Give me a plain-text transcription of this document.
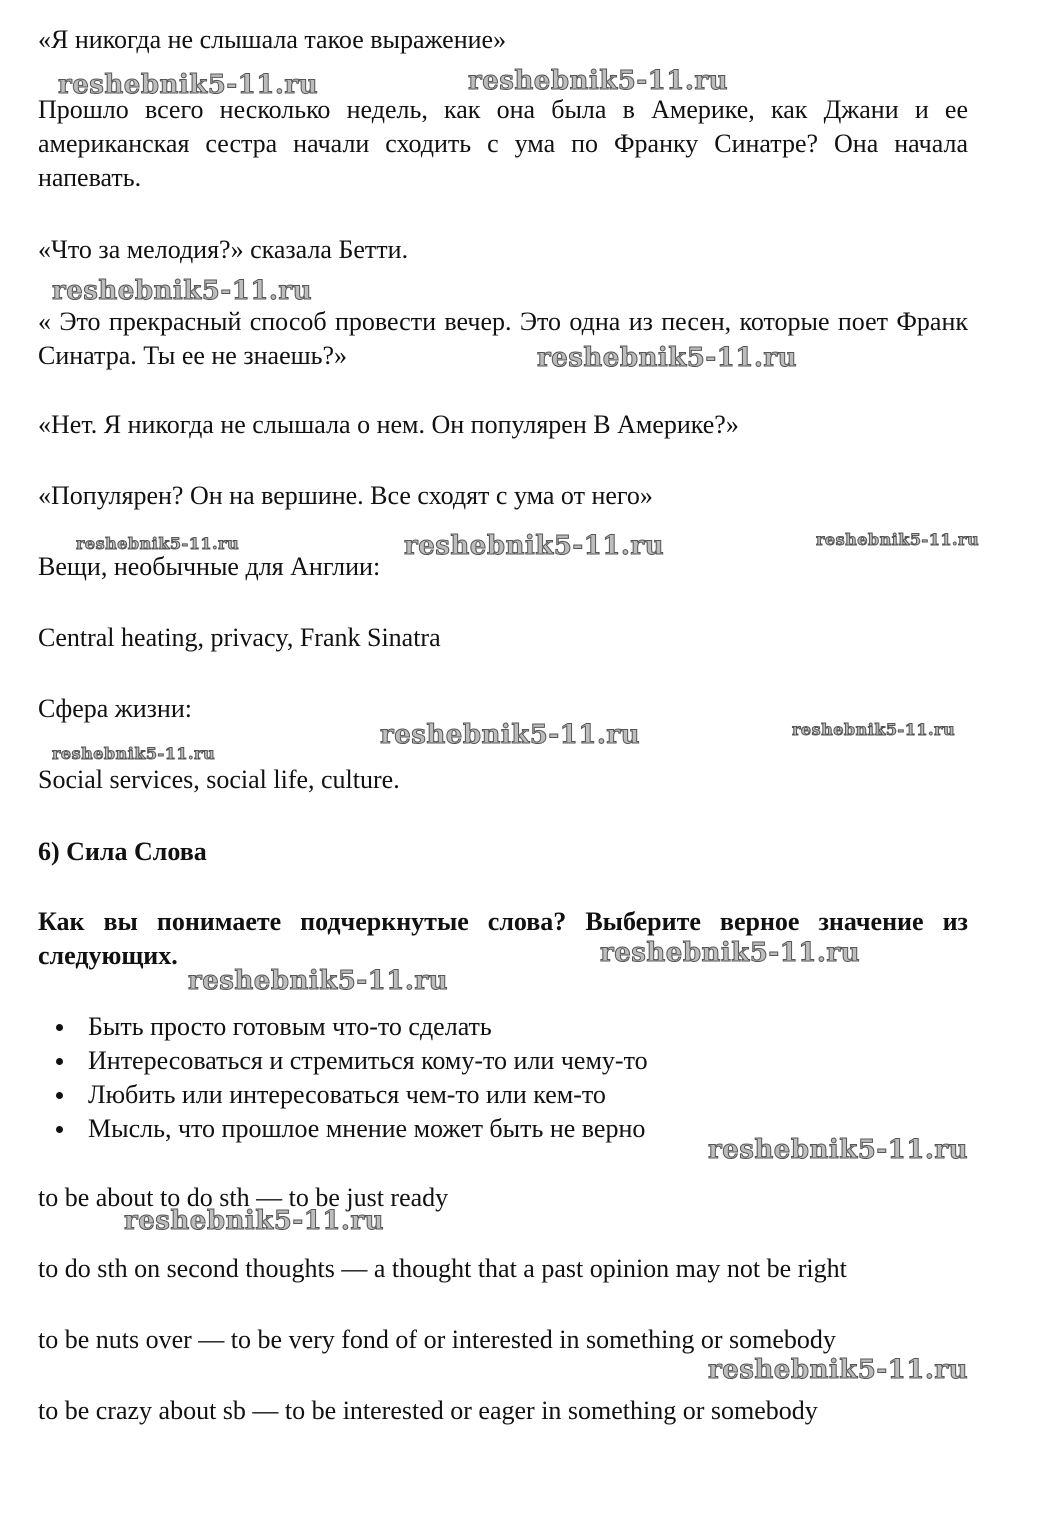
«Я никогда не слышала такое выражение»
Прошло всего несколько недель, как она была в Америке, как Джани и ее американская сестра начали сходить с ума по Франку Синатре? Она начала напевать.
«Что за мелодия?» сказала Бетти.
« Это прекрасный способ провести вечер. Это одна из песен, которые поет Франк Синатра. Ты ее не знаешь?»
«Нет. Я никогда не слышала о нем. Он популярен В Америке?»
«Популярен? Он на вершине. Все сходят с ума от него»
Вещи, необычные для Англии:
Central heating, privacy, Frank Sinatra
Сфера жизни:
Social services, social life, culture.
6) Сила Слова
Как вы понимаете подчеркнутые слова? Выберите верное значение из следующих.
Быть просто готовым что-то сделать
Интересоваться и стремиться кому-то или чему-то
Любить или интересоваться чем-то или кем-то
Мысль, что прошлое мнение может быть не верно
to be about to do sth — to be just ready
to do sth on second thoughts — a thought that a past opinion may not be right
to be nuts over — to be very fond of or interested in something or somebody
to be crazy about sb — to be interested or eager in something or somebody
reshebnik5-11.ru	reshebnik5-11.ru
reshebnik5-11.ru
reshebnik5-11.ru
reshebnik5-11.ru	reshebnik5-11.ru	reshebnik5-11.ru
reshebnik5-11.ru	reshebnik5-11.ru
reshebnik5-11.ru
reshebnik5-11.ru
reshebnik5-11.ru
reshebnik5-11.ru
reshebnik5-11.ru
reshebnik5-11.ru
